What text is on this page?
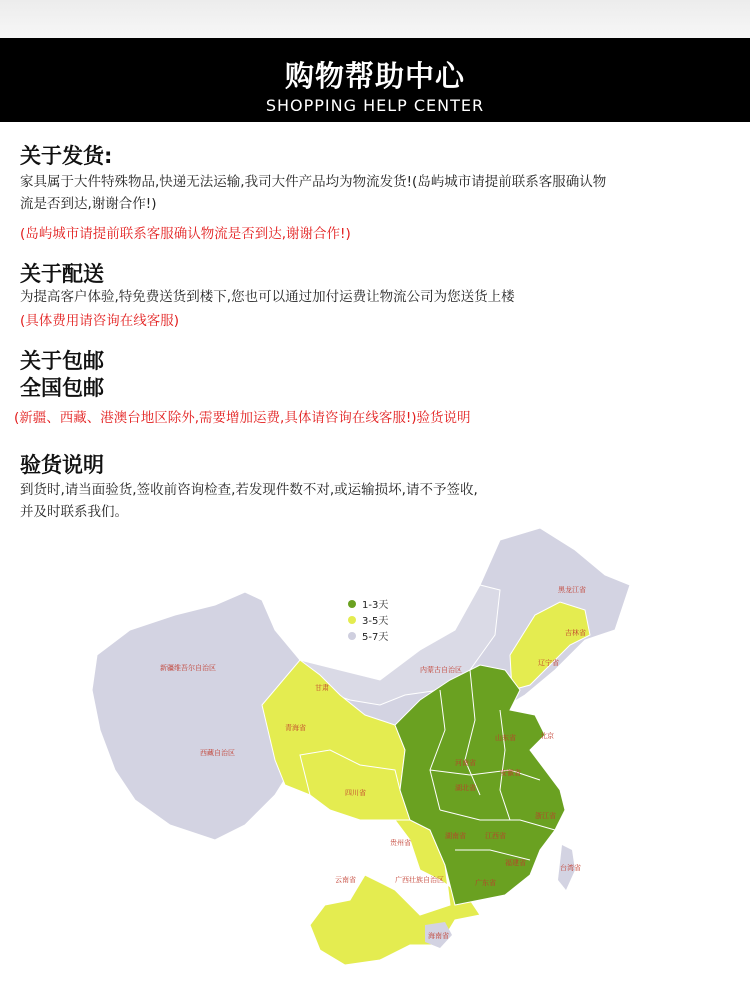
购物帮助中心
SHOPPING HELP CENTER
关于发货:
家具属于大件特殊物品,快递无法运输,我司大件产品均为物流发货!(岛屿城市请提前联系客服确认物
流是否到达,谢谢合作!)
(岛屿城市请提前联系客服确认物流是否到达,谢谢合作!)
关于配送
为提高客户体验,特免费送货到楼下,您也可以通过加付运费让物流公司为您送货上楼
(具体费用请咨询在线客服)
关于包邮
全国包邮
(新疆、西藏、港澳台地区除外,需要增加运费,具体请咨询在线客服!)验货说明
验货说明
到货时,请当面验货,签收前咨询检查,若发现件数不对,或运输损坏,请不予签收,
并及时联系我们。
1-3天
3-5天
5-7天
新疆维吾尔自治区
西藏自治区
青海省
甘肃
四川省
云南省
贵州省
广西壮族自治区	广东省
湖南省	江西省
福建省
浙江省
湖北省
河南省
安徽省
山东省	北京
辽宁省
吉林省
黑龙江省
台湾省
海南省
内蒙古自治区
